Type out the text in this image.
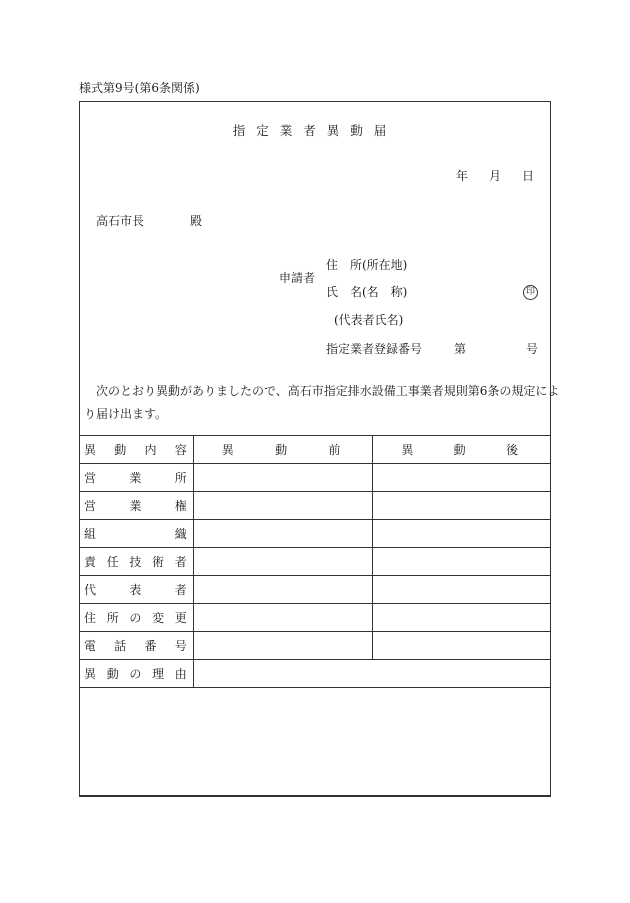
様式第9号(第6条関係)
指定業者異動届
年 月 日
高石市長	殿
申請者
住　所(所在地)
氏　名(名　称)	印
(代表者氏名)
指定業者登録番号	第	号
次のとおり異動がありましたので、高石市指定排水設備工事業者規則第6条の規定によ
り届け出ます。
異 動 内 容	異 動 前	異 動 後

営 業 所		

営 業 権		

組 織		

責 任 技 術 者		

代 表 者		

住 所 の 変 更		

電 話 番 号		

異 動 の 理 由		
